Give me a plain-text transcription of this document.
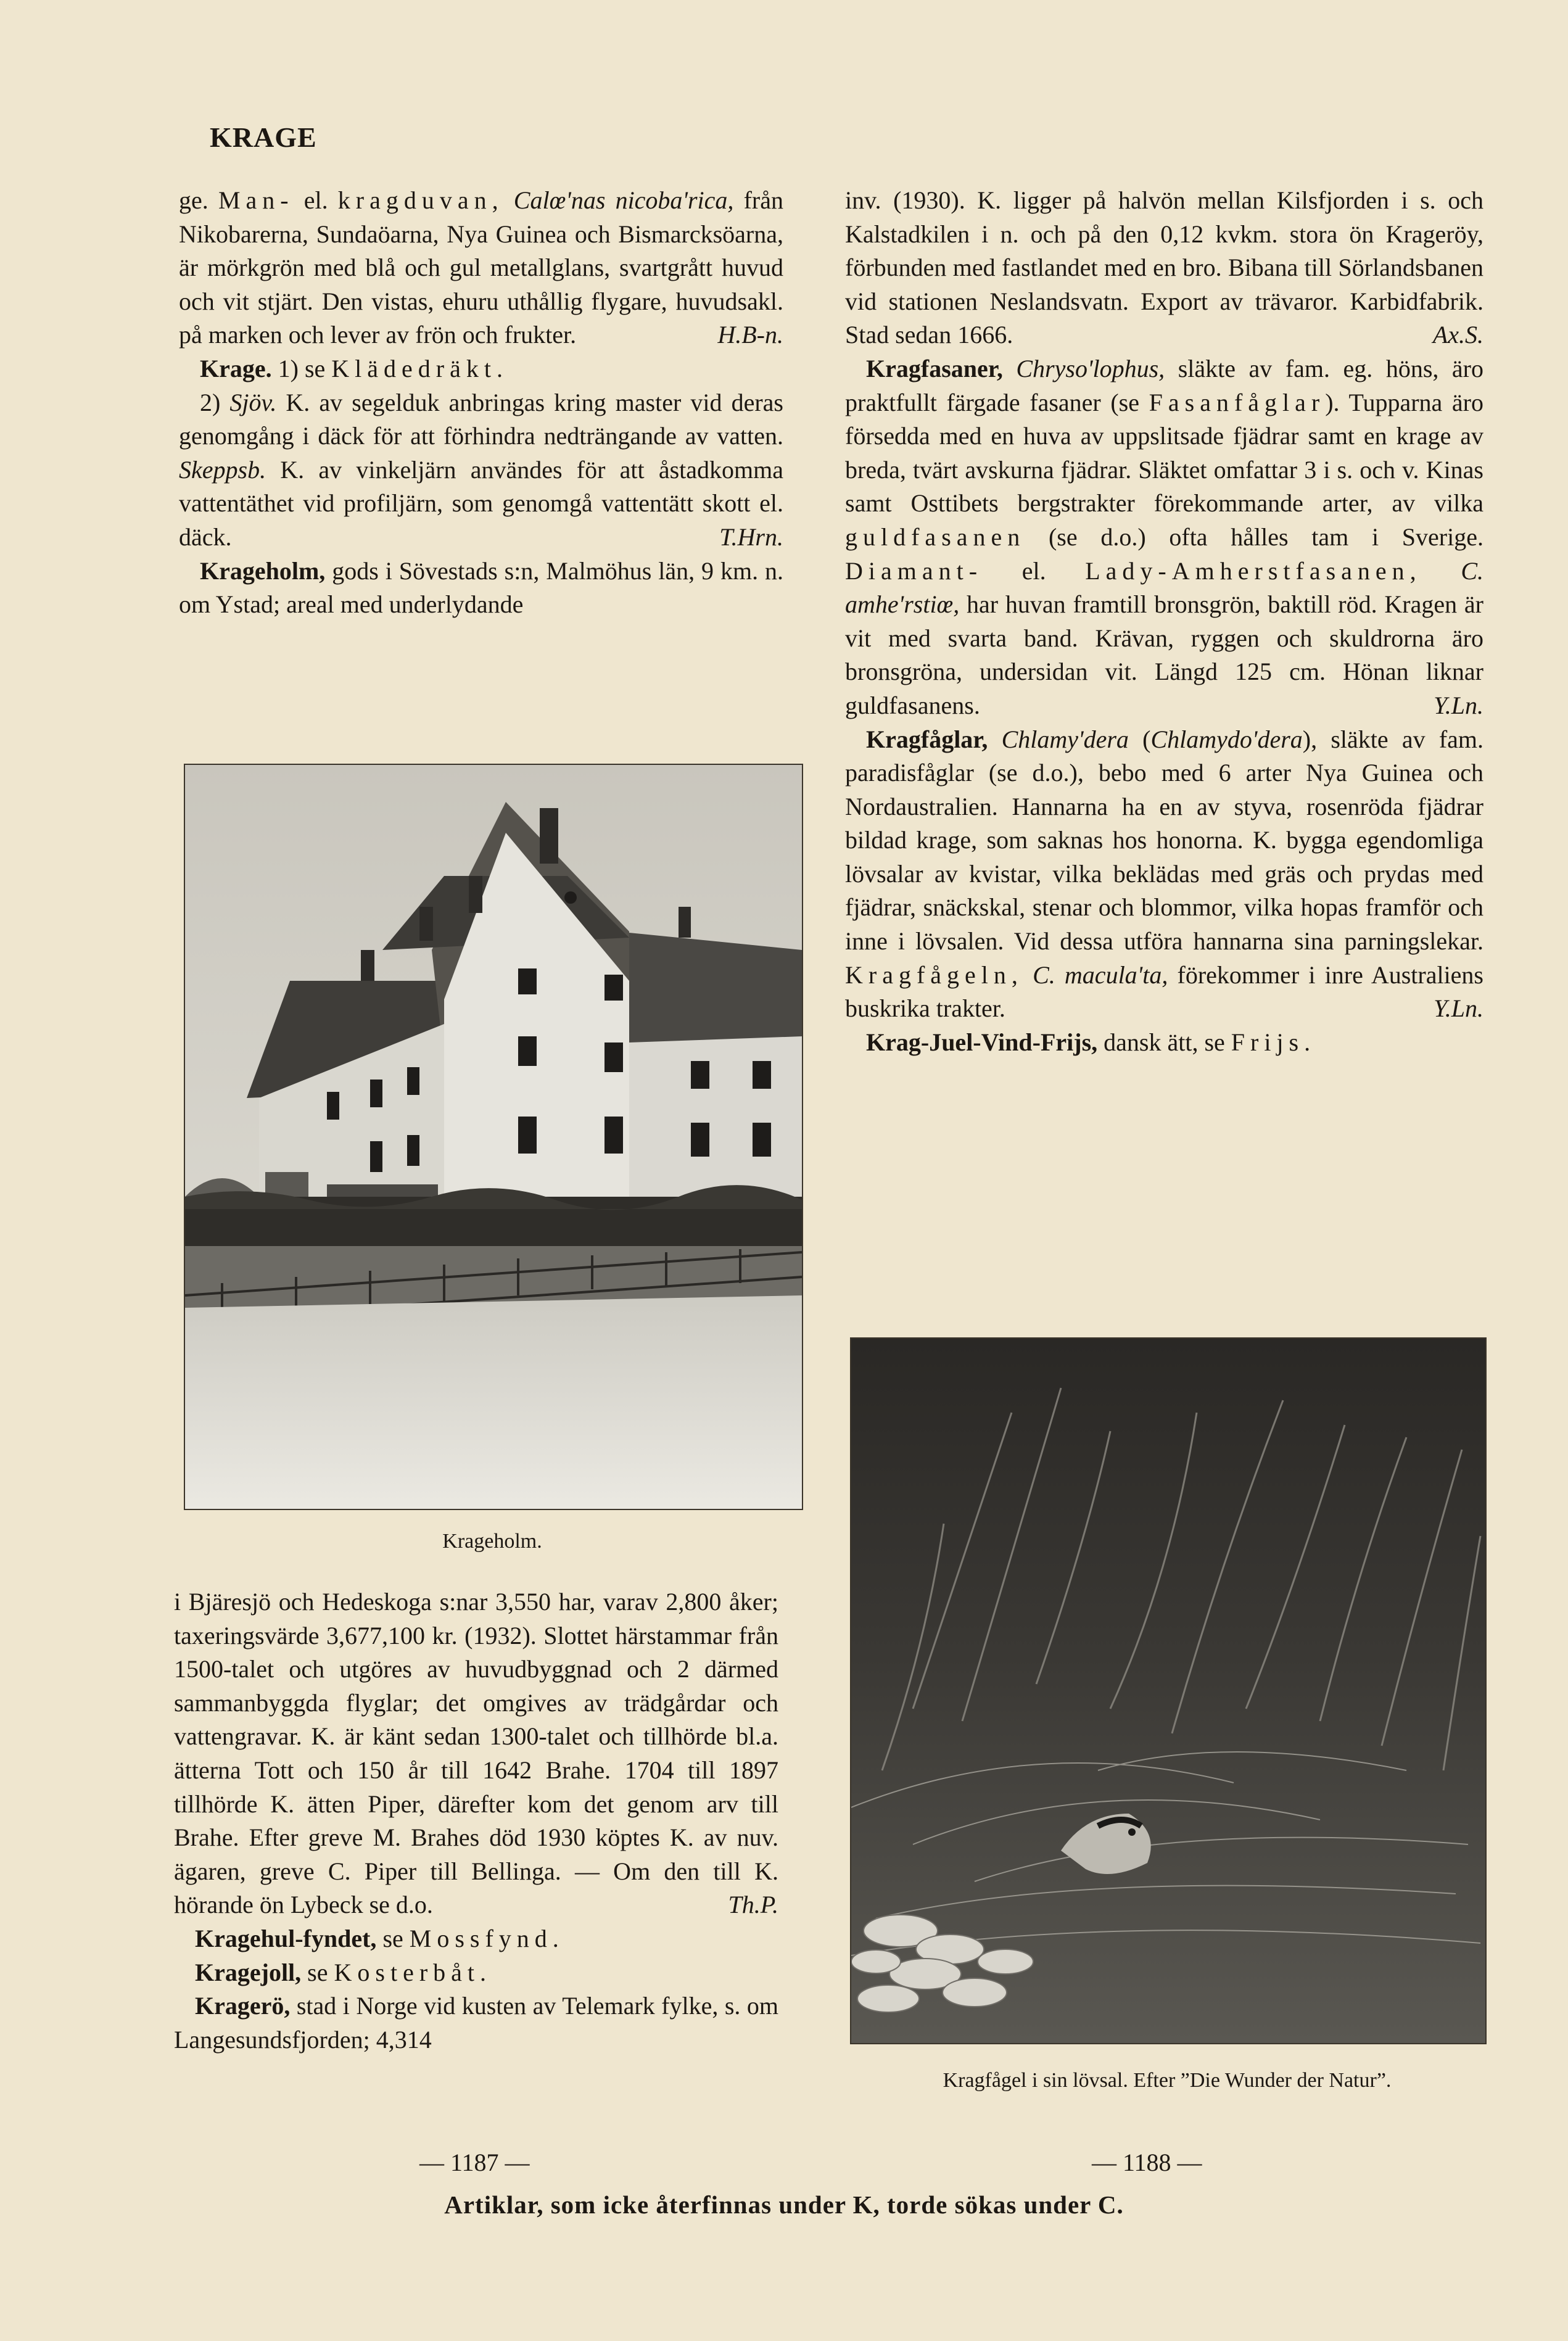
KRAGE

ge. Man- el. kragduvan, Calœ'nas nicoba'rica, från Nikobarerna, Sundaöarna, Nya Guinea och Bismarcksöarna, är mörkgrön med blå och gul metallglans, svartgrått huvud och vit stjärt. Den vistas, ehuru uthållig flygare, huvudsakl. på marken och lever av frön och frukter.	H.B-n.

Krage. 1) se Klädedräkt.

2) Sjöv. K. av segelduk anbringas kring master vid deras genomgång i däck för att förhindra nedträngande av vatten. Skeppsb. K. av vinkeljärn användes för att åstadkomma vattentäthet vid profiljärn, som genomgå vattentätt skott el. däck.	T.Hrn.

Krageholm, gods i Sövestads s:n, Malmöhus län, 9 km. n. om Ystad; areal med underlydande

Krageholm.

i Bjäresjö och Hedeskoga s:nar 3,550 har, varav 2,800 åker; taxeringsvärde 3,677,100 kr. (1932). Slottet härstammar från 1500-talet och utgöres av huvudbyggnad och 2 därmed sammanbyggda flyglar; det omgives av trädgårdar och vattengravar. K. är känt sedan 1300-talet och tillhörde bl.a. ätterna Tott och 150 år till 1642 Brahe. 1704 till 1897 tillhörde K. ätten Piper, därefter kom det genom arv till Brahe. Efter greve M. Brahes död 1930 köptes K. av nuv. ägaren, greve C. Piper till Bellinga. — Om den till K. hörande ön Lybeck se d.o.	Th.P.

Kragehul-fyndet, se Mossfynd.

Kragejoll, se Kosterbåt.

Kragerö, stad i Norge vid kusten av Telemark fylke, s. om Langesundsfjorden; 4,314

inv. (1930). K. ligger på halvön mellan Kilsfjorden i s. och Kalstadkilen i n. och på den 0,12 kvkm. stora ön Krageröy, förbunden med fastlandet med en bro. Bibana till Sörlandsbanen vid stationen Neslandsvatn. Export av trävaror. Karbidfabrik. Stad sedan 1666.	Ax.S.

Kragfasaner, Chryso'lophus, släkte av fam. eg. höns, äro praktfullt färgade fasaner (se Fasanfåglar). Tupparna äro försedda med en huva av uppslitsade fjädrar samt en krage av breda, tvärt avskurna fjädrar. Släktet omfattar 3 i s. och v. Kinas samt Osttibets bergstrakter förekommande arter, av vilka guldfasanen (se d.o.) ofta hålles tam i Sverige. Diamant- el. Lady-Amherstfasanen, C. amhe'rstiœ, har huvan framtill bronsgrön, baktill röd. Kragen är vit med svarta band. Krävan, ryggen och skuldrorna äro bronsgröna, undersidan vit. Längd 125 cm. Hönan liknar guldfasanens.	Y.Ln.

Kragfåglar, Chlamy'dera (Chlamydo'dera), släkte av fam. paradisfåglar (se d.o.), bebo med 6 arter Nya Guinea och Nordaustralien. Hannarna ha en av styva, rosenröda fjädrar bildad krage, som saknas hos honorna. K. bygga egendomliga lövsalar av kvistar, vilka beklädas med gräs och prydas med fjädrar, snäckskal, stenar och blommor, vilka hopas framför och inne i lövsalen. Vid dessa utföra hannarna sina parningslekar. Kragfågeln, C. macula'ta, förekommer i inre Australiens buskrika trakter.	Y.Ln.

Krag-Juel-Vind-Frijs, dansk ätt, se Frijs.

Kragfågel i sin lövsal. Efter ”Die Wunder der Natur”.
— 1187 —	— 1188 —
Artiklar, som icke återfinnas under K, torde sökas under C.
